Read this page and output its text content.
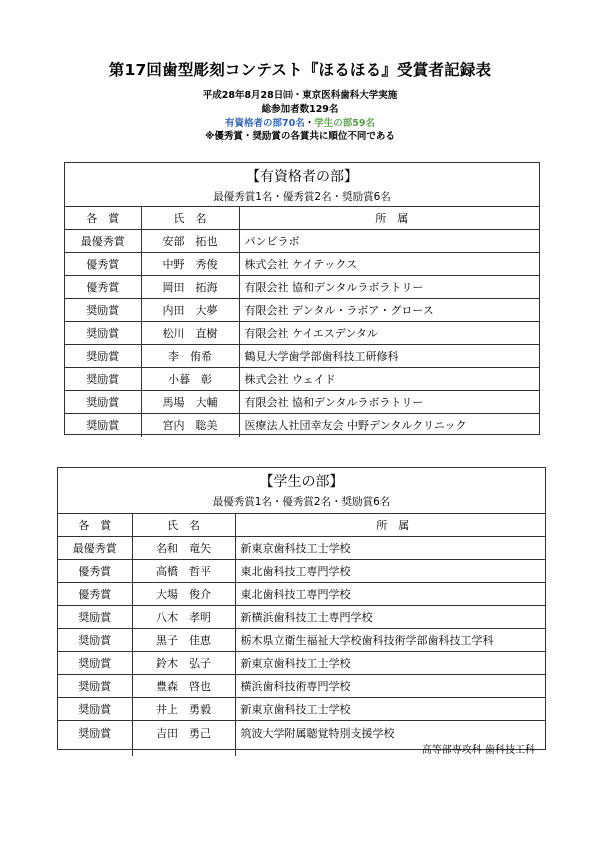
第17回歯型彫刻コンテスト『ほるほる』受賞者記録表
平成28年8月28日㈰・東京医科歯科大学実施
総参加者数129名
有資格者の部70名・学生の部59名
※優秀賞・奨励賞の各賞共に順位不同である
【有資格者の部】
最優秀賞1名・優秀賞2名・奨励賞6名
各　賞	氏　名	所　属
最優秀賞	安部　拓也	パンビラボ
優秀賞	中野　秀俊	株式会社 ケイテックス
優秀賞	岡田　拓海	有限会社 協和デンタルラボラトリー
奨励賞	内田　大夢	有限会社 デンタル・ラボア・グロース
奨励賞	松川　直樹	有限会社 ケイエスデンタル
奨励賞	李　侑希	鶴見大学歯学部歯科技工研修科
奨励賞	小暮　彰	株式会社 ウェイド
奨励賞	馬場　大輔	有限会社 協和デンタルラボラトリー
奨励賞	宮内　聡美	医療法人社団幸友会 中野デンタルクリニック
【学生の部】
最優秀賞1名・優秀賞2名・奨励賞6名
各　賞	氏　名	所　属
最優秀賞	名和　竜矢	新東京歯科技工士学校
優秀賞	高橋　哲平	東北歯科技工専門学校
優秀賞	大場　俊介	東北歯科技工専門学校
奨励賞	八木　孝明	新横浜歯科技工士専門学校
奨励賞	黒子　佳恵	栃木県立衛生福祉大学校歯科技術学部歯科技工学科
奨励賞	鈴木　弘子	新東京歯科技工士学校
奨励賞	豊森　啓也	横浜歯科技術専門学校
奨励賞	井上　勇毅	新東京歯科技工士学校
奨励賞	吉田　勇己	筑波大学附属聴覚特別支援学校
高等部専攻科 歯科技工科
